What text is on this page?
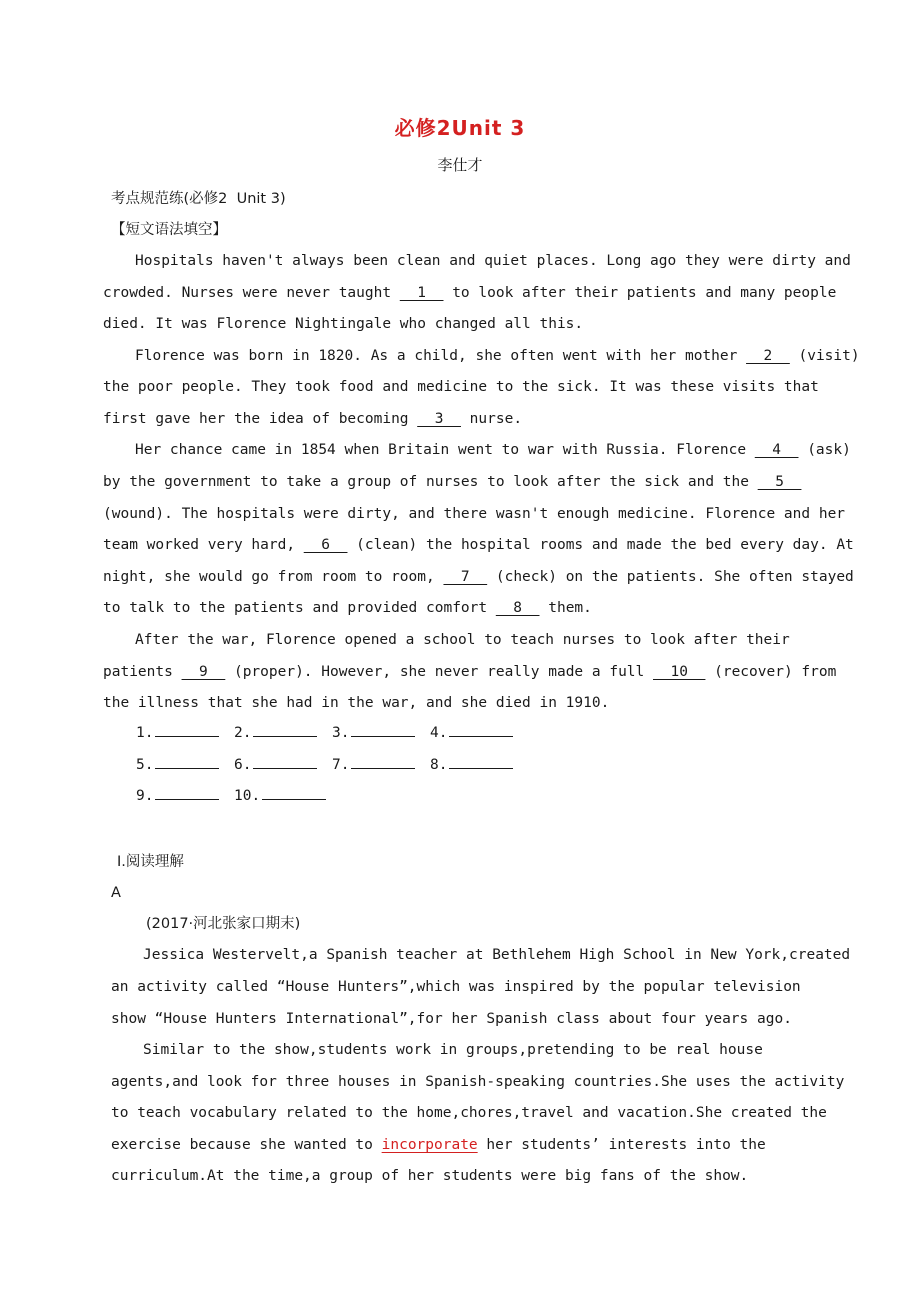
必修2Unit 3
李仕才
考点规范练(必修2  Unit 3)
【短文语法填空】
Hospitals haven't always been clean and quiet places. Long ago they were dirty and
crowded. Nurses were never taught __1__ to look after their patients and many people
died. It was Florence Nightingale who changed all this.
Florence was born in 1820. As a child, she often went with her mother __2__ (visit)
the poor people. They took food and medicine to the sick. It was these visits that
first gave her the idea of becoming __3__ nurse.
Her chance came in 1854 when Britain went to war with Russia. Florence __4__ (ask)
by the government to take a group of nurses to look after the sick and the __5__
(wound). The hospitals were dirty, and there wasn't enough medicine. Florence and her
team worked very hard, __6__ (clean) the hospital rooms and made the bed every day. At
night, she would go from room to room, __7__ (check) on the patients. She often stayed
to talk to the patients and provided comfort __8__ them.
After the war, Florence opened a school to teach nurses to look after their
patients __9__ (proper). However, she never really made a full __10__ (recover) from
the illness that she had in the war, and she died in 1910.
1.	2.	3.	4.
5.	6.	7.	8.
9.	10.
Ⅰ.阅读理解
A
(2017·河北张家口期末)
Jessica Westervelt,a Spanish teacher at Bethlehem High School in New York,created
an activity called “House Hunters”,which was inspired by the popular television
show “House Hunters International”,for her Spanish class about four years ago.
Similar to the show,students work in groups,pretending to be real house
agents,and look for three houses in Spanish-speaking countries.She uses the activity
to teach vocabulary related to the home,chores,travel and vacation.She created the
exercise because she wanted to incorporate her students’ interests into the
curriculum.At the time,a group of her students were big fans of the show.
